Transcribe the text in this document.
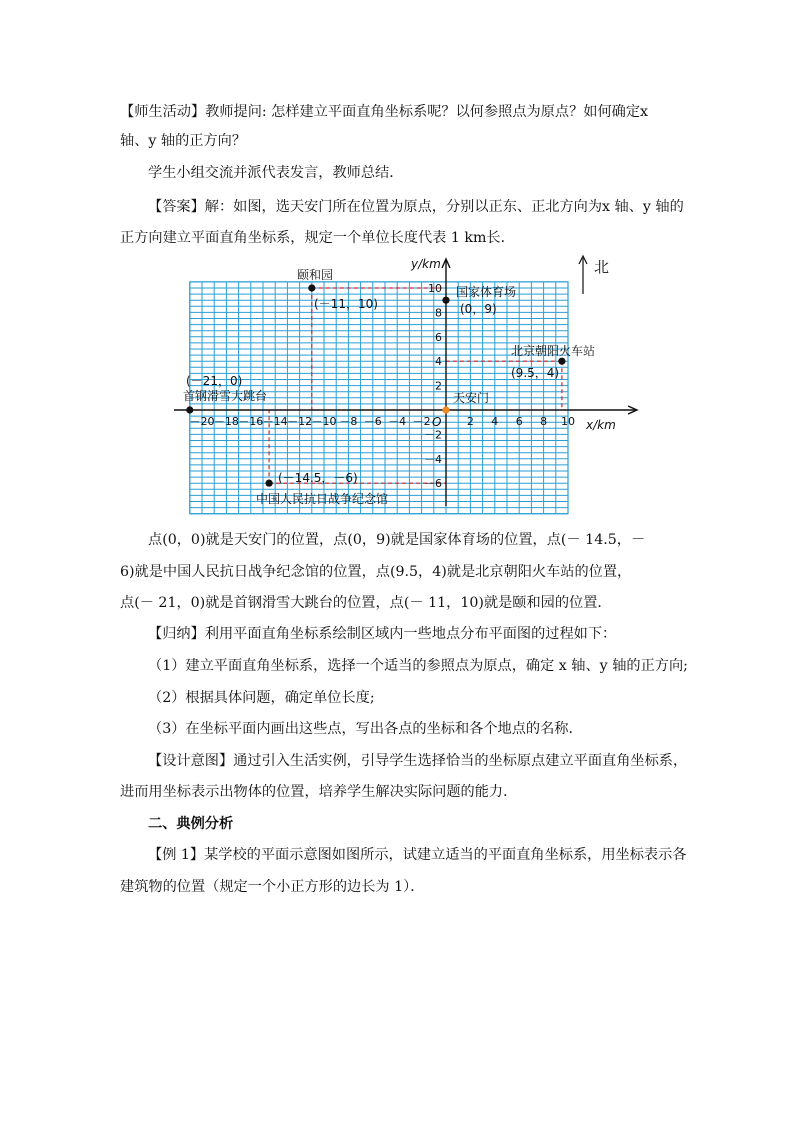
【师生活动】教师提问: 怎样建立平面直角坐标系呢？以何参照点为原点？如何确定x
轴、y 轴的正方向？
学生小组交流并派代表发言，教师总结．
【答案】解：如图，选天安门所在位置为原点，分别以正东、正北方向为x 轴、y 轴的
正方向建立平面直角坐标系，规定一个单位长度代表 1 km长．
－20 －18 －16 －14 －12 －10 －8 －6 －4 －2	2 4 6 8 10
10
8
6
4
2
－2
－4
－6
y/km
x/km
O
北
颐和园
(－11，10)
国家体育场
(0，9)
北京朝阳火车站
(9.5，4)
(－21，0)
首钢滑雪大跳台	天安门
(－14.5，－6)
中国人民抗日战争纪念馆
点(0，0)就是天安门的位置，点(0，9)就是国家体育场的位置，点(－ 14.5，－
6)就是中国人民抗日战争纪念馆的位置，点(9.5，4)就是北京朝阳火车站的位置，
点(－ 21，0)就是首钢滑雪大跳台的位置，点(－ 11，10)就是颐和园的位置．
【归纳】利用平面直角坐标系绘制区域内一些地点分布平面图的过程如下：
（1）建立平面直角坐标系，选择一个适当的参照点为原点，确定 x 轴、y 轴的正方向;
（2）根据具体问题，确定单位长度;
（3）在坐标平面内画出这些点，写出各点的坐标和各个地点的名称．
【设计意图】通过引入生活实例，引导学生选择恰当的坐标原点建立平面直角坐标系，
进而用坐标表示出物体的位置，培养学生解决实际问题的能力．
二、典例分析
【例 1】某学校的平面示意图如图所示，试建立适当的平面直角坐标系，用坐标表示各
建筑物的位置（规定一个小正方形的边长为 1）．
